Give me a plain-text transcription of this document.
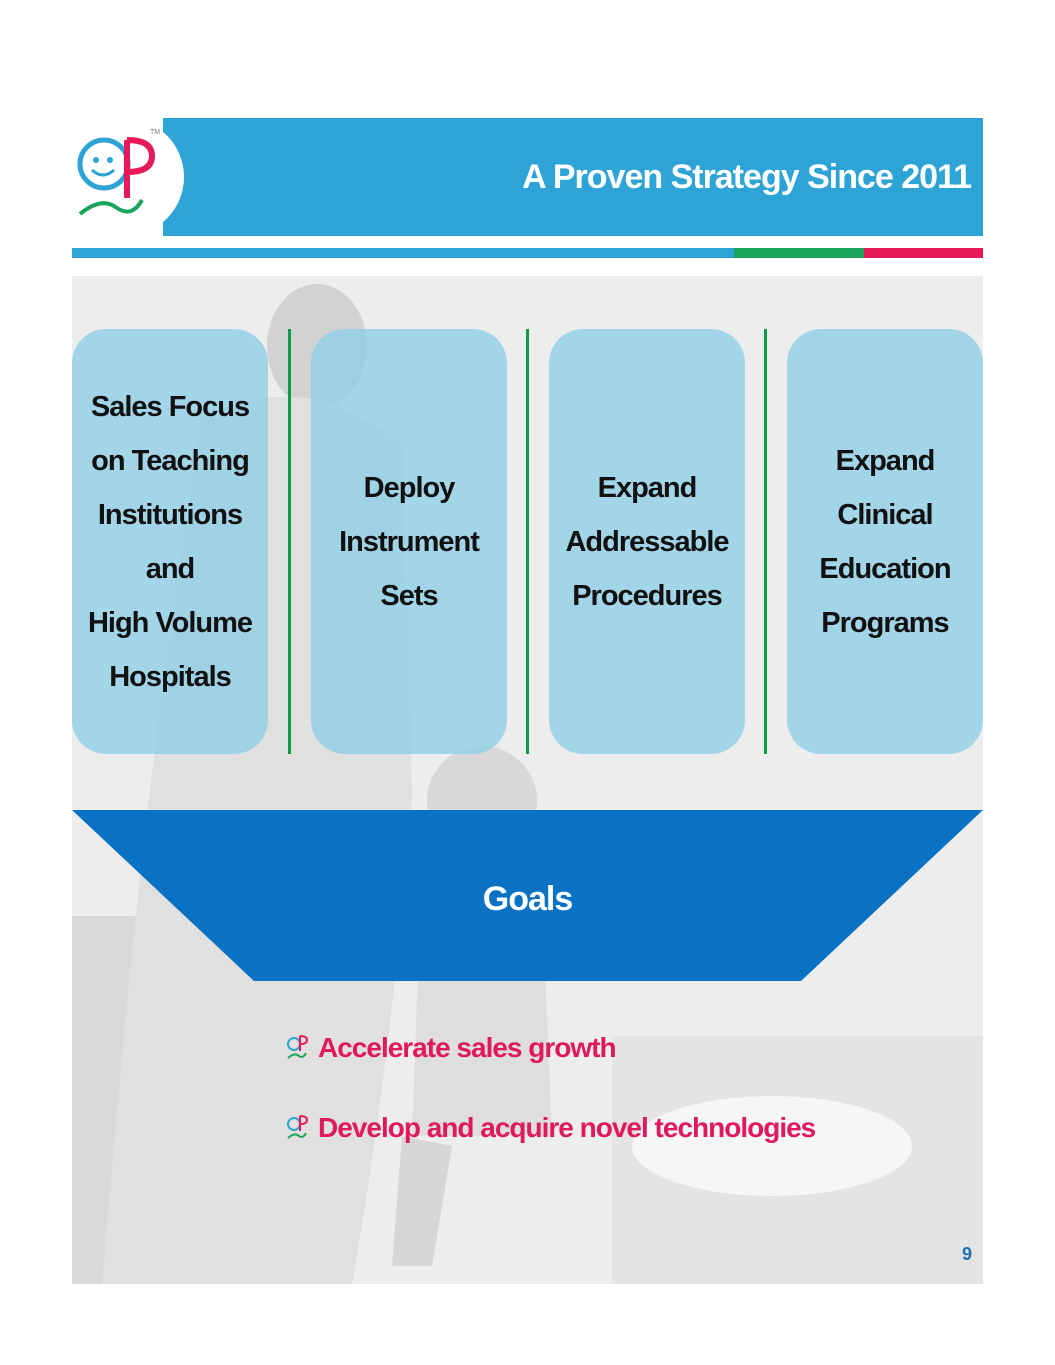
TM
A Proven Strategy Since 2011
Sales Focus
on Teaching
Institutions and
High Volume
Hospitals
Deploy
Instrument
Sets
Expand
Addressable
Procedures
Expand Clinical
Education
Programs
Goals
Accelerate sales growth
Develop and acquire novel technologies
9
